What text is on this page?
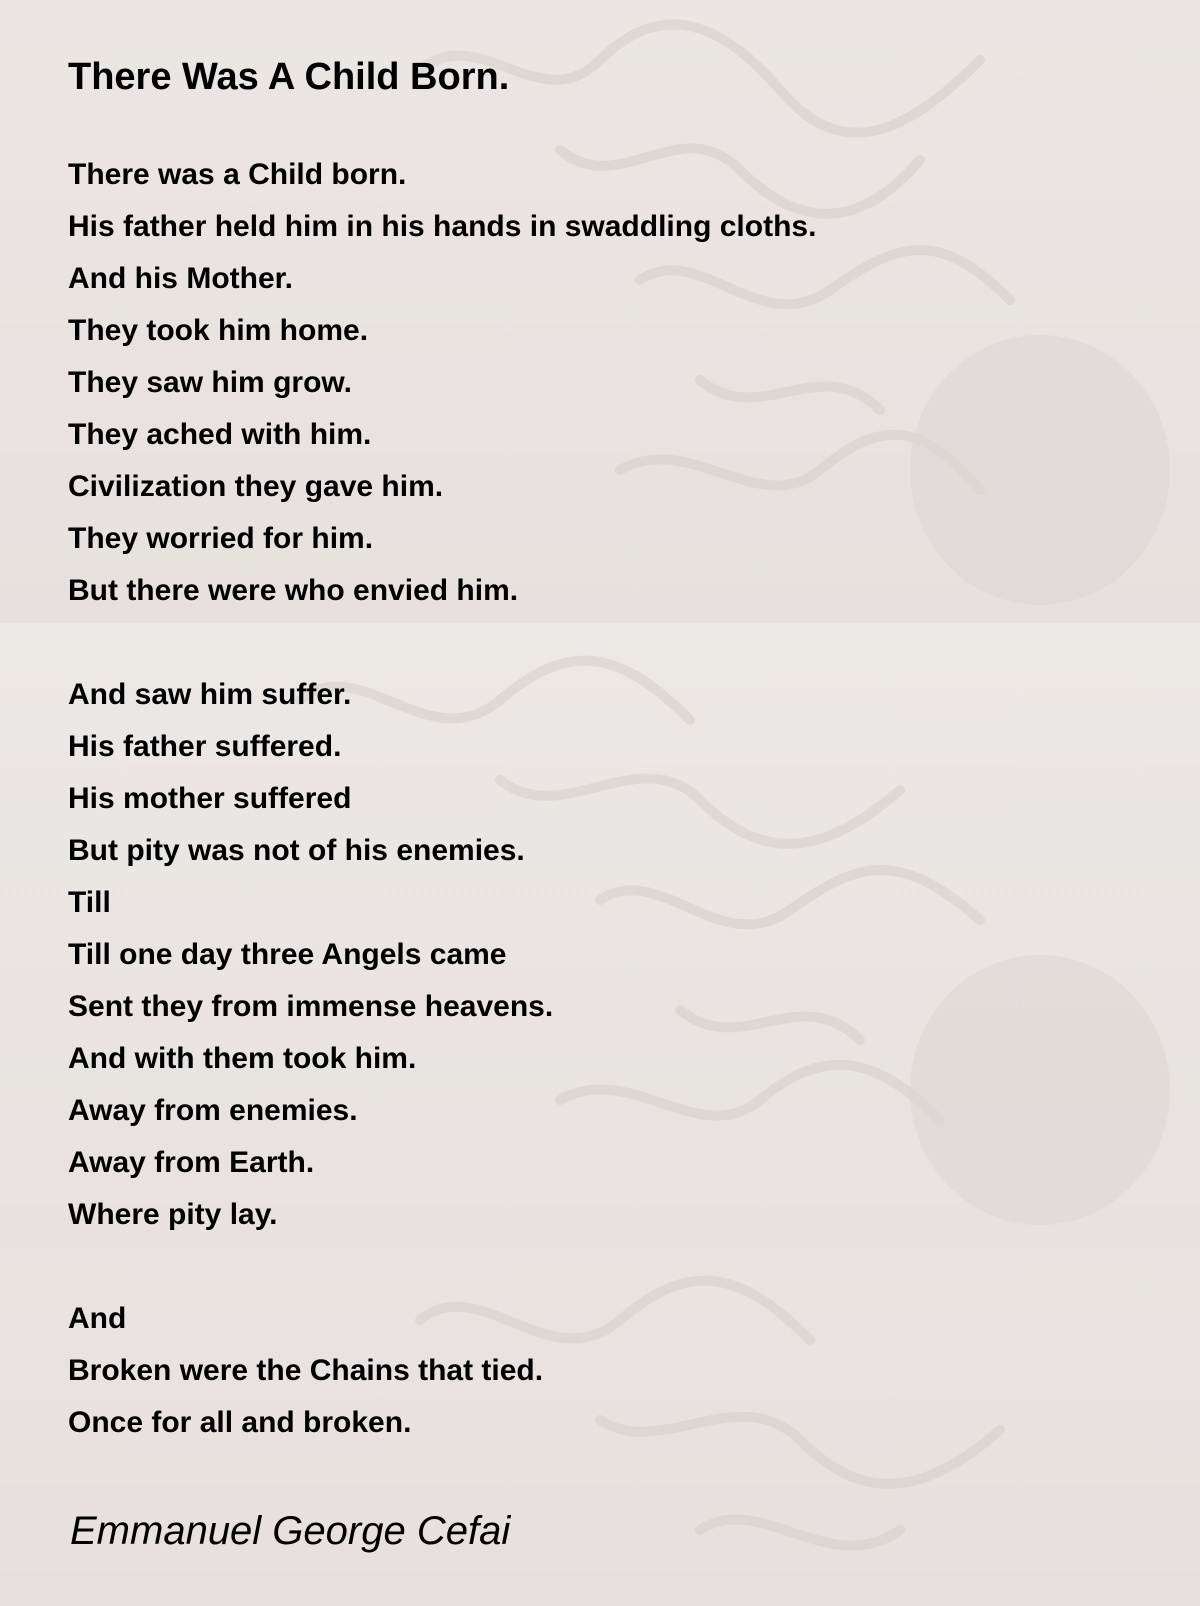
There Was A Child Born.
There was a Child born.
His father held him in his hands in swaddling cloths.
And his Mother.
They took him home.
They saw him grow.
They ached with him.
Civilization they gave him.
They worried for him.
But there were who envied him.
And saw him suffer.
His father suffered.
His mother suffered
But pity was not of his enemies.
Till
Till one day three Angels came
Sent they from immense heavens.
And with them took him.
Away from enemies.
Away from Earth.
Where pity lay.
And
Broken were the Chains that tied.
Once for all and broken.
Emmanuel George Cefai
